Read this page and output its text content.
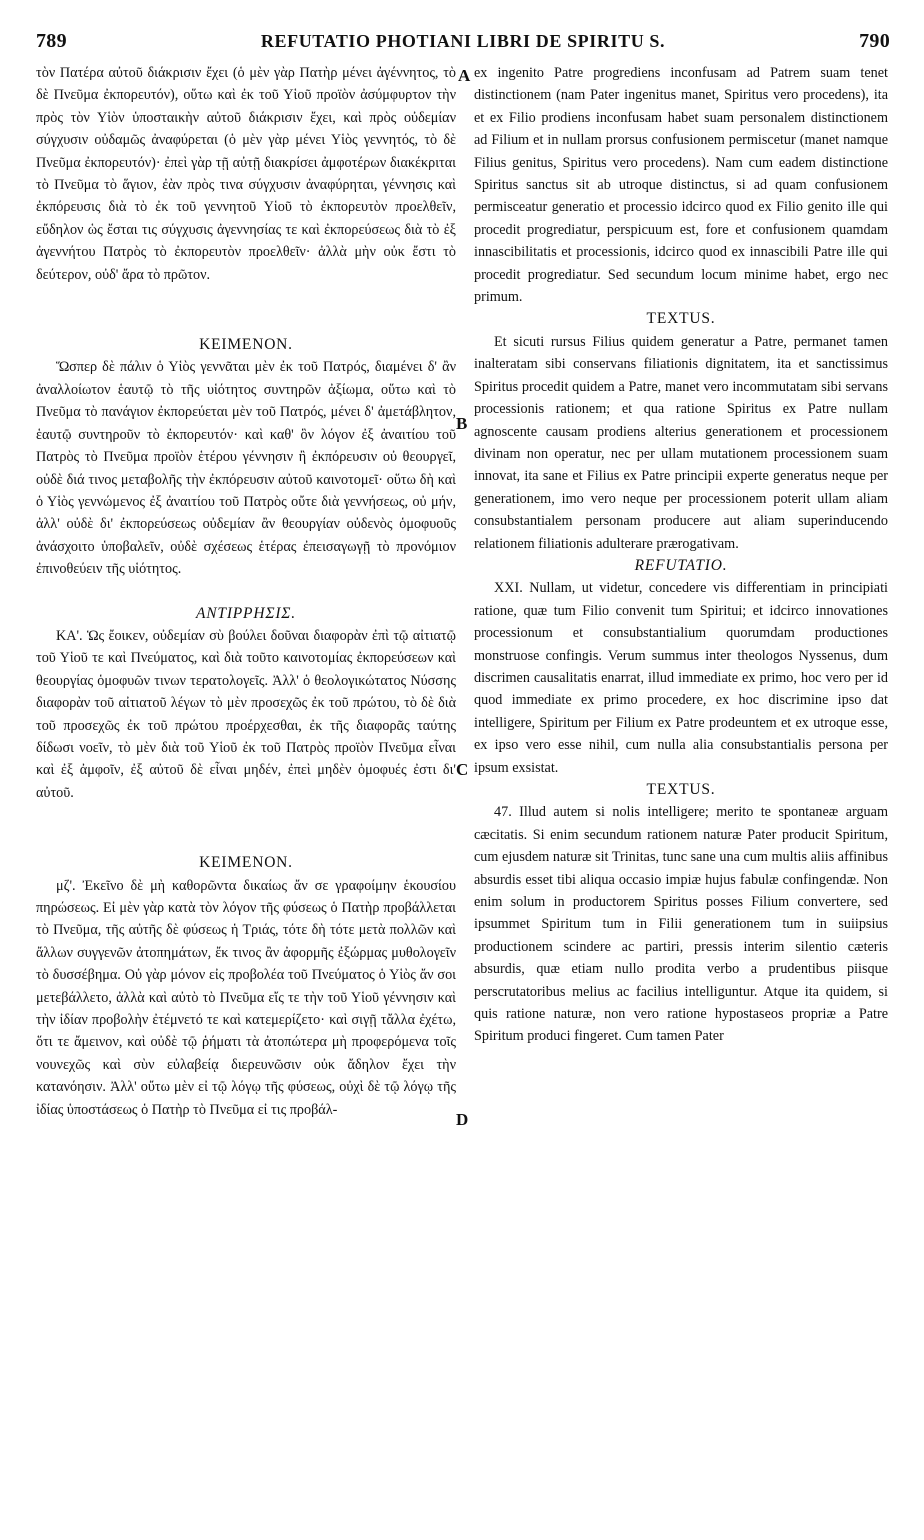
789	REFUTATIO PHOTIANI LIBRI DE SPIRITU S.	790

τὸν Πατέρα αὐτοῦ διάκρισιν ἔχει (ὁ μὲν γὰρ Πατὴρ μένει ἀγέννητος, τὸ δὲ Πνεῦμα ἐκπορευτόν), οὕτω καὶ ἐκ τοῦ Υἱοῦ προϊὸν ἀσύμφυρτον τὴν πρὸς τὸν Υἱὸν ὑποσταικὴν αὐτοῦ διάκρισιν ἔχει, καὶ πρὸς οὐδεμίαν σύγχυσιν οὐδαμῶς ἀναφύρεται (ὁ μὲν γὰρ μένει Υἱὸς γεννητός, τὸ δὲ Πνεῦμα ἐκπορευτόν)· ἐπεὶ γὰρ τῇ αὐτῇ διακρίσει ἀμφοτέρων διακέκριται τὸ Πνεῦμα τὸ ἅγιον, ἐὰν πρὸς τινα σύγχυσιν ἀναφύρηται, γέννησις καὶ ἐκπόρευσις διὰ τὸ ἐκ τοῦ γεννητοῦ Υἱοῦ τὸ ἐκπορευτὸν προελθεῖν, εὔδηλον ὡς ἔσται τις σύγχυσις ἀγεννησίας τε καὶ ἐκπορεύσεως διὰ τὸ ἐξ ἀγεννήτου Πατρὸς τὸ ἐκπορευτὸν προελθεῖν· ἀλλὰ μὴν οὐκ ἔστι τὸ δεύτερον, οὐδ' ἄρα τὸ πρῶτον.

ΚΕΙΜΕΝΟΝ.

Ὥσπερ δὲ πάλιν ὁ Υἱὸς γεννᾶται μὲν ἐκ τοῦ Πατρός, διαμένει δ' ἂν ἀναλλοίωτον ἑαυτῷ τὸ τῆς υἱότητος συντηρῶν ἀξίωμα, οὕτω καὶ τὸ Πνεῦμα τὸ πανάγιον ἐκπορεύεται μὲν τοῦ Πατρός, μένει δ' ἀμετάβλητον, ἑαυτῷ συντηροῦν τὸ ἐκπορευτόν· καὶ καθ' ὃν λόγον ἐξ ἀναιτίου τοῦ Πατρὸς τὸ Πνεῦμα προϊὸν ἑτέρου γέννησιν ἢ ἐκπόρευσιν οὐ θεουργεῖ, οὐδὲ διά τινος μεταβολῆς τὴν ἐκπόρευσιν αὐτοῦ καινοτομεῖ· οὕτω δὴ καὶ ὁ Υἱὸς γεννώμενος ἐξ ἀναιτίου τοῦ Πατρὸς οὔτε διὰ γεννήσεως, οὐ μήν, ἀλλ' οὐδὲ δι' ἐκπορεύσεως οὐδεμίαν ἂν θεουργίαν οὐδενὸς ὁμοφυοῦς ἀνάσχοιτο ὑποβαλεῖν, οὐδὲ σχέσεως ἑτέρας ἐπεισαγωγῇ τὸ προνόμιον ἐπινοθεύειν τῆς υἱότητος.

ΑΝΤΙΡΡΗΣΙΣ.

ΚΑ'. Ὡς ἔοικεν, οὐδεμίαν σὺ βούλει δοῦναι διαφορὰν ἐπὶ τῷ αἰτιατῷ τοῦ Υἱοῦ τε καὶ Πνεύματος, καὶ διὰ τοῦτο καινοτομίας ἐκπορεύσεων καὶ θεουργίας ὁμοφυῶν τινων τερατολογεῖς. Ἀλλ' ὁ θεολογικώτατος Νύσσης διαφορὰν τοῦ αἰτιατοῦ λέγων τὸ μὲν προσεχῶς ἐκ τοῦ πρώτου, τὸ δὲ διὰ τοῦ προσεχῶς ἐκ τοῦ πρώτου προέρχεσθαι, ἐκ τῆς διαφορᾶς ταύτης δίδωσι νοεῖν, τὸ μὲν διὰ τοῦ Υἱοῦ ἐκ τοῦ Πατρὸς προϊὸν Πνεῦμα εἶναι καὶ ἐξ ἀμφοῖν, ἐξ αὐτοῦ δὲ εἶναι μηδέν, ἐπεὶ μηδὲν ὁμοφυές ἐστι δι' αὐτοῦ.

ΚΕΙΜΕΝΟΝ.

μζ'. Ἐκεῖνο δὲ μὴ καθορῶντα δικαίως ἄν σε γραφοίμην ἑκουσίου πηρώσεως. Εἰ μὲν γὰρ κατὰ τὸν λόγον τῆς φύσεως ὁ Πατὴρ προβάλλεται τὸ Πνεῦμα, τῆς αὐτῆς δὲ φύσεως ἡ Τριάς, τότε δὴ τότε μετὰ πολλῶν καὶ ἄλλων συγγενῶν ἀτοπημάτων, ἔκ τινος ἂν ἀφορμῆς ἐξώρμας μυθολογεῖν τὸ δυσσέβημα. Οὐ γὰρ μόνον εἰς προβολέα τοῦ Πνεύματος ὁ Υἱὸς ἄν σοι μετεβάλλετο, ἀλλὰ καὶ αὐτὸ τὸ Πνεῦμα εἴς τε τὴν τοῦ Υἱοῦ γέννησιν καὶ τὴν ἰδίαν προβολὴν ἐτέμνετό τε καὶ κατεμερίζετο· καὶ σιγῇ τἄλλα ἐχέτω, ὅτι τε ἄμεινον, καὶ οὐδὲ τῷ ῥήματι τὰ ἀτοπώτερα μὴ προφερόμενα τοῖς νουνεχῶς καὶ σὺν εὐλαβείᾳ διερευνῶσιν οὐκ ἄδηλον ἔχει τὴν κατανόησιν. Ἀλλ' οὔτω μὲν εἰ τῷ λόγῳ τῆς φύσεως, οὐχὶ δὲ τῷ λόγῳ τῆς ἰδίας ὑποστάσεως ὁ Πατὴρ τὸ Πνεῦμα εἰ τις προβάλ-

ex ingenito Patre progrediens inconfusam ad Patrem suam tenet distinctionem (nam Pater ingenitus manet, Spiritus vero procedens), ita et ex Filio prodiens inconfusam habet suam personalem distinctionem ad Filium et in nullam prorsus confusionem permiscetur (manet namque Filius genitus, Spiritus vero procedens). Nam cum eadem distinctione Spiritus sanctus sit ab utroque distinctus, si ad quam confusionem permisceatur generatio et processio idcirco quod ex Filio genito ille qui procedit progrediatur, perspicuum est, fore et confusionem quamdam innascibilitatis et processionis, idcirco quod ex innascibili Patre ille qui procedit progrediatur. Sed secundum locum minime habet, ergo nec primum.

TEXTUS.

Et sicuti rursus Filius quidem generatur a Patre, permanet tamen inalteratam sibi conservans filiationis dignitatem, ita et sanctissimus Spiritus procedit quidem a Patre, manet vero incommutatam sibi servans processionis rationem; et qua ratione Spiritus ex Patre nullam agnoscente causam prodiens alterius generationem et processionem divinam non operatur, nec per ullam mutationem processionem suam innovat, ita sane et Filius ex Patre principii experte generatus neque per generationem, imo vero neque per processionem poterit ullam aliam consubstantialem personam producere aut aliam superinducendo relationem filiationis adulterare prærogativam.

REFUTATIO.

XXI. Nullam, ut videtur, concedere vis differentiam in principiati ratione, quæ tum Filio convenit tum Spiritui; et idcirco innovationes processionum et consubstantialium quorumdam productiones monstruose confingis. Verum summus inter theologos Nyssenus, dum discrimen causalitatis enarrat, illud immediate ex primo, hoc vero per id quod immediate ex primo procedere, ex hoc discrimine ipso dat intelligere, Spiritum per Filium ex Patre prodeuntem et ex utroque esse, ex ipso vero esse nihil, cum nulla alia consubstantialis persona per ipsum exsistat.

TEXTUS.

47. Illud autem si nolis intelligere; merito te spontaneæ arguam cæcitatis. Si enim secundum rationem naturæ Pater producit Spiritum, cum ejusdem naturæ sit Trinitas, tunc sane una cum multis aliis affinibus absurdis esset tibi aliqua occasio impiæ hujus fabulæ confingendæ. Non enim solum in productorem Spiritus posses Filium convertere, sed ipsummet Spiritum tum in Filii generationem tum in suiipsius productionem scindere ac partiri, pressis interim silentio cæteris absurdis, quæ etiam nullo prodita verbo a prudentibus piisque perscrutatoribus melius ac facilius intelliguntur. Atque ita quidem, si quis ratione naturæ, non vero ratione hypostaseos propriæ a Patre Spiritum produci fingeret. Cum tamen Pater

A
B
C
D
